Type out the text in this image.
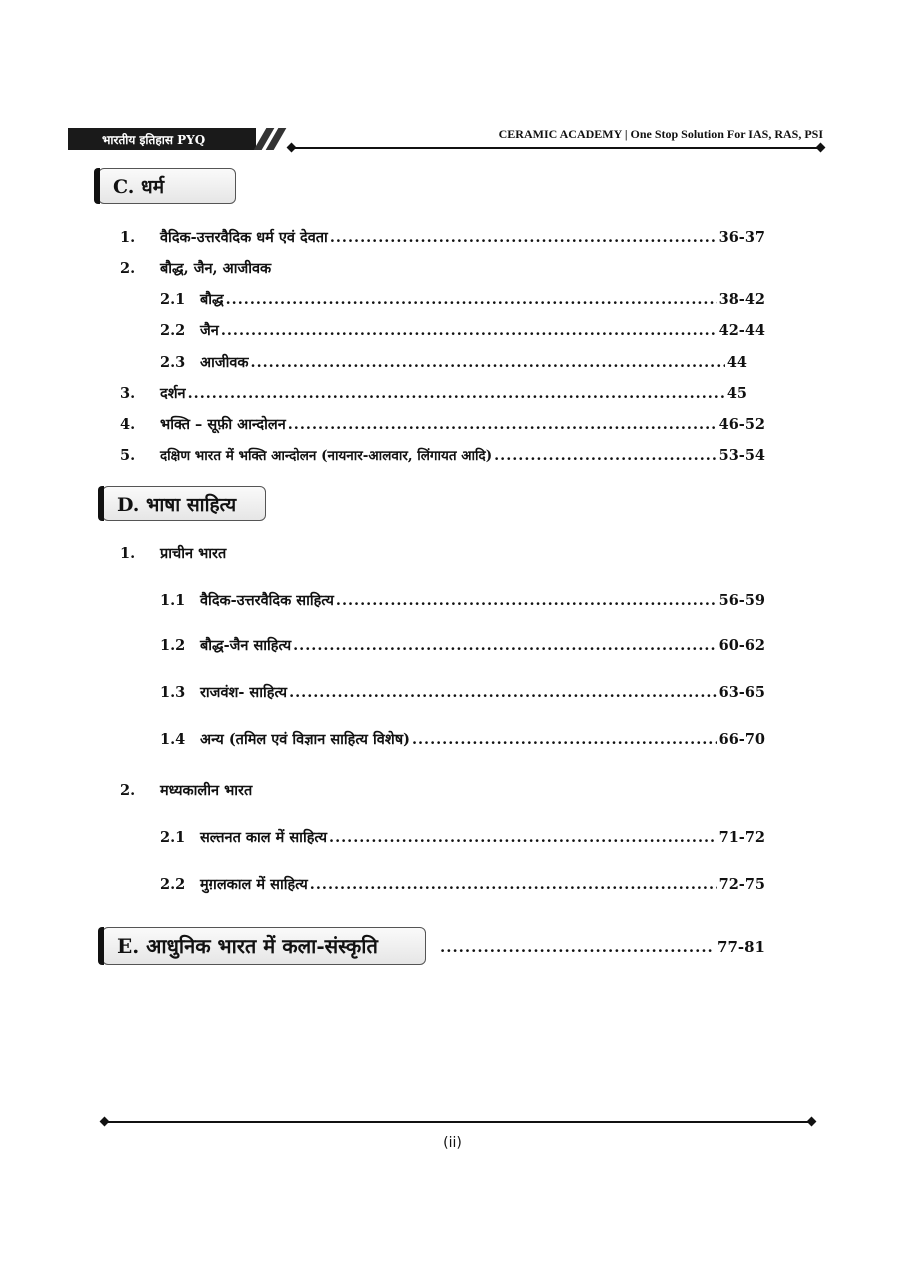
भारतीय इतिहास PYQ	CERAMIC ACADEMY | One Stop Solution For IAS, RAS, PSI
C. धर्म
1.	वैदिक-उत्तरवैदिक धर्म एवं देवता .....	36-37
2.	बौद्ध, जैन, आजीवक
2.1	बौद्ध .....	38-42
2.2	जैन .....	42-44
2.3	आजीवक .....	44
3.	दर्शन .....	45
4.	भक्ति – सूफ़ी आन्दोलन .....	46-52
5.	दक्षिण भारत में भक्ति आन्दोलन (नायनार-आलवार, लिंगायत आदि) .....	53-54
D. भाषा साहित्य
1.	प्राचीन भारत
1.1	वैदिक-उत्तरवैदिक साहित्य .....	56-59
1.2	बौद्ध-जैन साहित्य .....	60-62
1.3	राजवंश- साहित्य .....	63-65
1.4	अन्य (तमिल एवं विज्ञान साहित्य विशेष) .....	66-70
2.	मध्यकालीन भारत
2.1	सल्तनत काल में साहित्य .....	71-72
2.2	मुग़लकाल में साहित्य .....	72-75
E. आधुनिक भारत में कला-संस्कृति .....	77-81
(ii)
